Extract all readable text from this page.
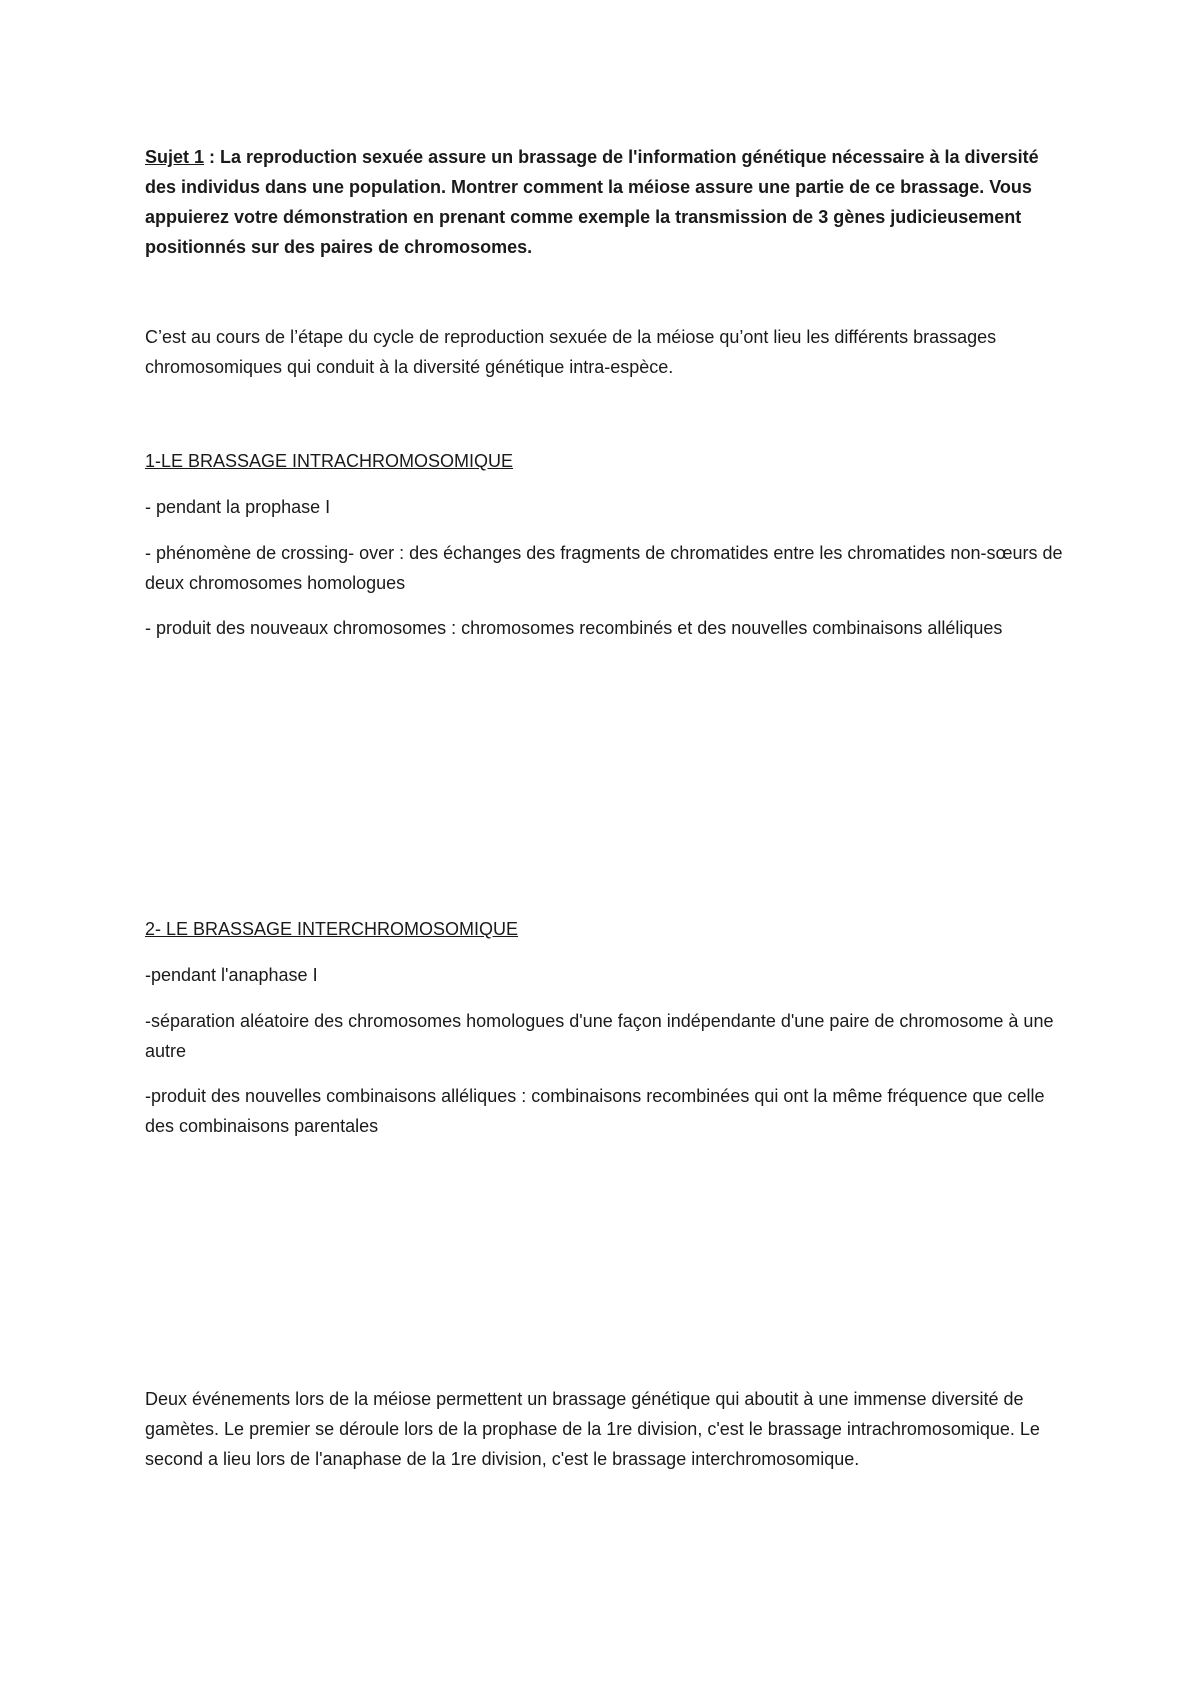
Sujet 1 : La reproduction sexuée assure un brassage de l'information génétique nécessaire à la diversité des individus dans une population. Montrer comment la méiose assure une partie de ce brassage. Vous appuierez votre démonstration en prenant comme exemple la transmission de 3 gènes judicieusement positionnés sur des paires de chromosomes.

C’est au cours de l’étape du cycle de reproduction sexuée de la méiose qu’ont lieu les différents brassages chromosomiques qui conduit à la diversité génétique intra-espèce.

1-LE BRASSAGE INTRACHROMOSOMIQUE

- pendant la prophase I

- phénomène de crossing- over : des échanges des fragments de chromatides entre les chromatides non-sœurs de deux chromosomes homologues

- produit des nouveaux chromosomes : chromosomes recombinés et des nouvelles combinaisons alléliques

2- LE BRASSAGE INTERCHROMOSOMIQUE

-pendant l'anaphase I

-séparation aléatoire des chromosomes homologues d'une façon indépendante d'une paire de chromosome à une autre

-produit des nouvelles combinaisons alléliques : combinaisons recombinées qui ont la même fréquence que celle des combinaisons parentales

Deux événements lors de la méiose permettent un brassage génétique qui aboutit à une immense diversité de gamètes. Le premier se déroule lors de la prophase de la 1re division, c'est le brassage intrachromosomique. Le second a lieu lors de l'anaphase de la 1re division, c'est le brassage interchromosomique.
